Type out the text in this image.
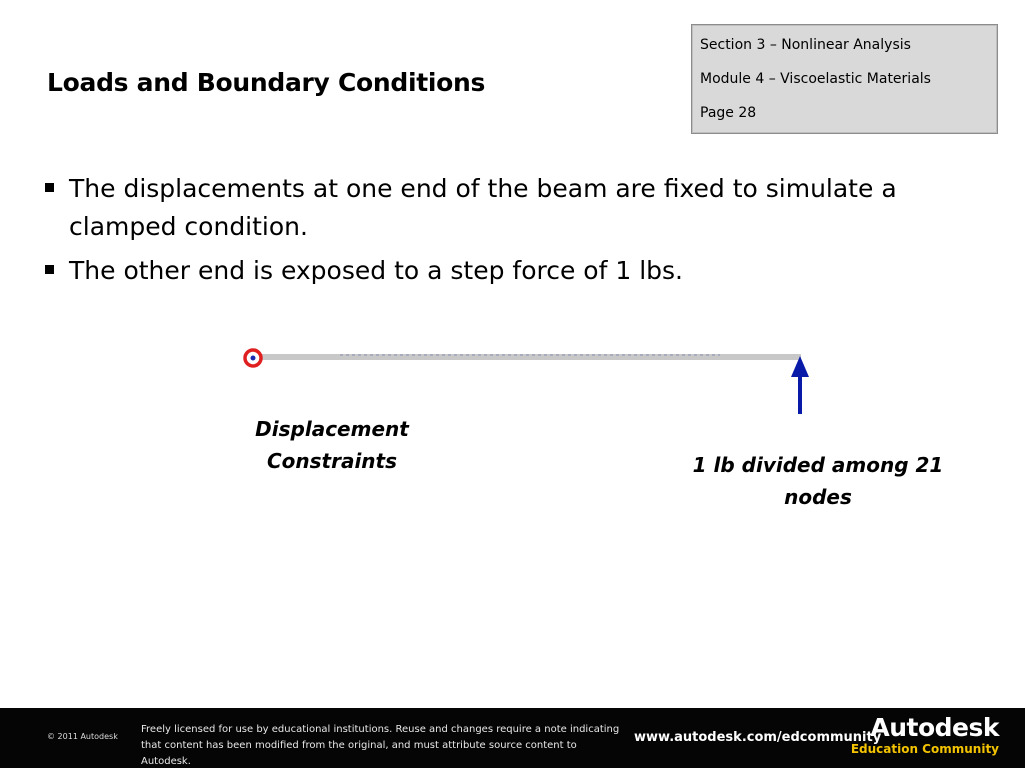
Loads and Boundary Conditions
Section 3 – Nonlinear Analysis
Module 4 – Viscoelastic Materials
Page 28
The displacements at one end of the beam are fixed to simulate a clamped condition.
The other end is exposed to a step force of 1 lbs.
Displacement Constraints	1 lb divided among 21 nodes
© 2011 Autodesk
Freely licensed for use by educational institutions. Reuse and changes require a note indicating that content has been modified from the original, and must attribute source content to Autodesk.
www.autodesk.com/edcommunity
Autodesk
Education Community
